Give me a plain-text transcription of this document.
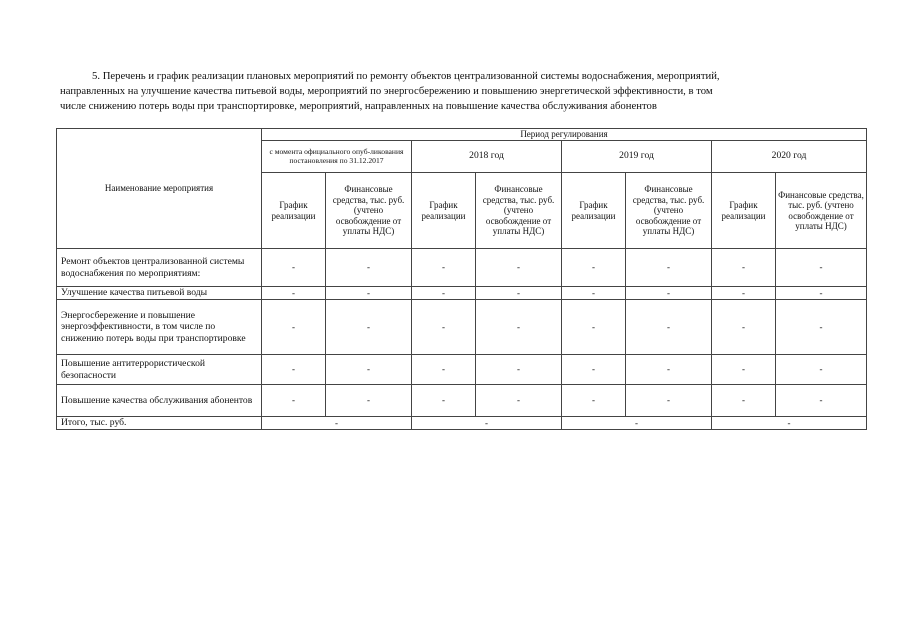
5. Перечень и график реализации плановых мероприятий по ремонту объектов централизованной системы водоснабжения, мероприятий,
направленных на улучшение качества питьевой воды, мероприятий по энергосбережению и повышению энергетической эффективности, в том
числе снижению потерь воды при транспортировке, мероприятий, направленных на повышение качества обслуживания абонентов
Наименование мероприятия	Период регулирования							
	с момента официального опуб-ликования постановления по 31.12.2017		2018 год		2019 год		2020 год	
	График реализации	Финансовые средства, тыс. руб. (учтено освобождение от уплаты НДС)	График реализации	Финансовые средства, тыс. руб. (учтено освобождение от уплаты НДС)	График реализации	Финансовые средства, тыс. руб. (учтено освобождение от уплаты НДС)	График реализации	Финансовые средства, тыс. руб. (учтено освобождение от уплаты НДС)
Ремонт объектов централизованной системы водоснабжения по мероприятиям:	-	-	-	-	-	-	-	-
Улучшение качества питьевой воды	-	-	-	-	-	-	-	-
Энергосбережение и повышение энергоэффективности, в том числе по снижению потерь воды при транспортировке	-	-	-	-	-	-	-	-
Повышение антитеррористической безопасности	-	-	-	-	-	-	-	-
Повышение качества обслуживания абонентов	-	-	-	-	-	-	-	-
Итого, тыс. руб.	-		-		-		-	
